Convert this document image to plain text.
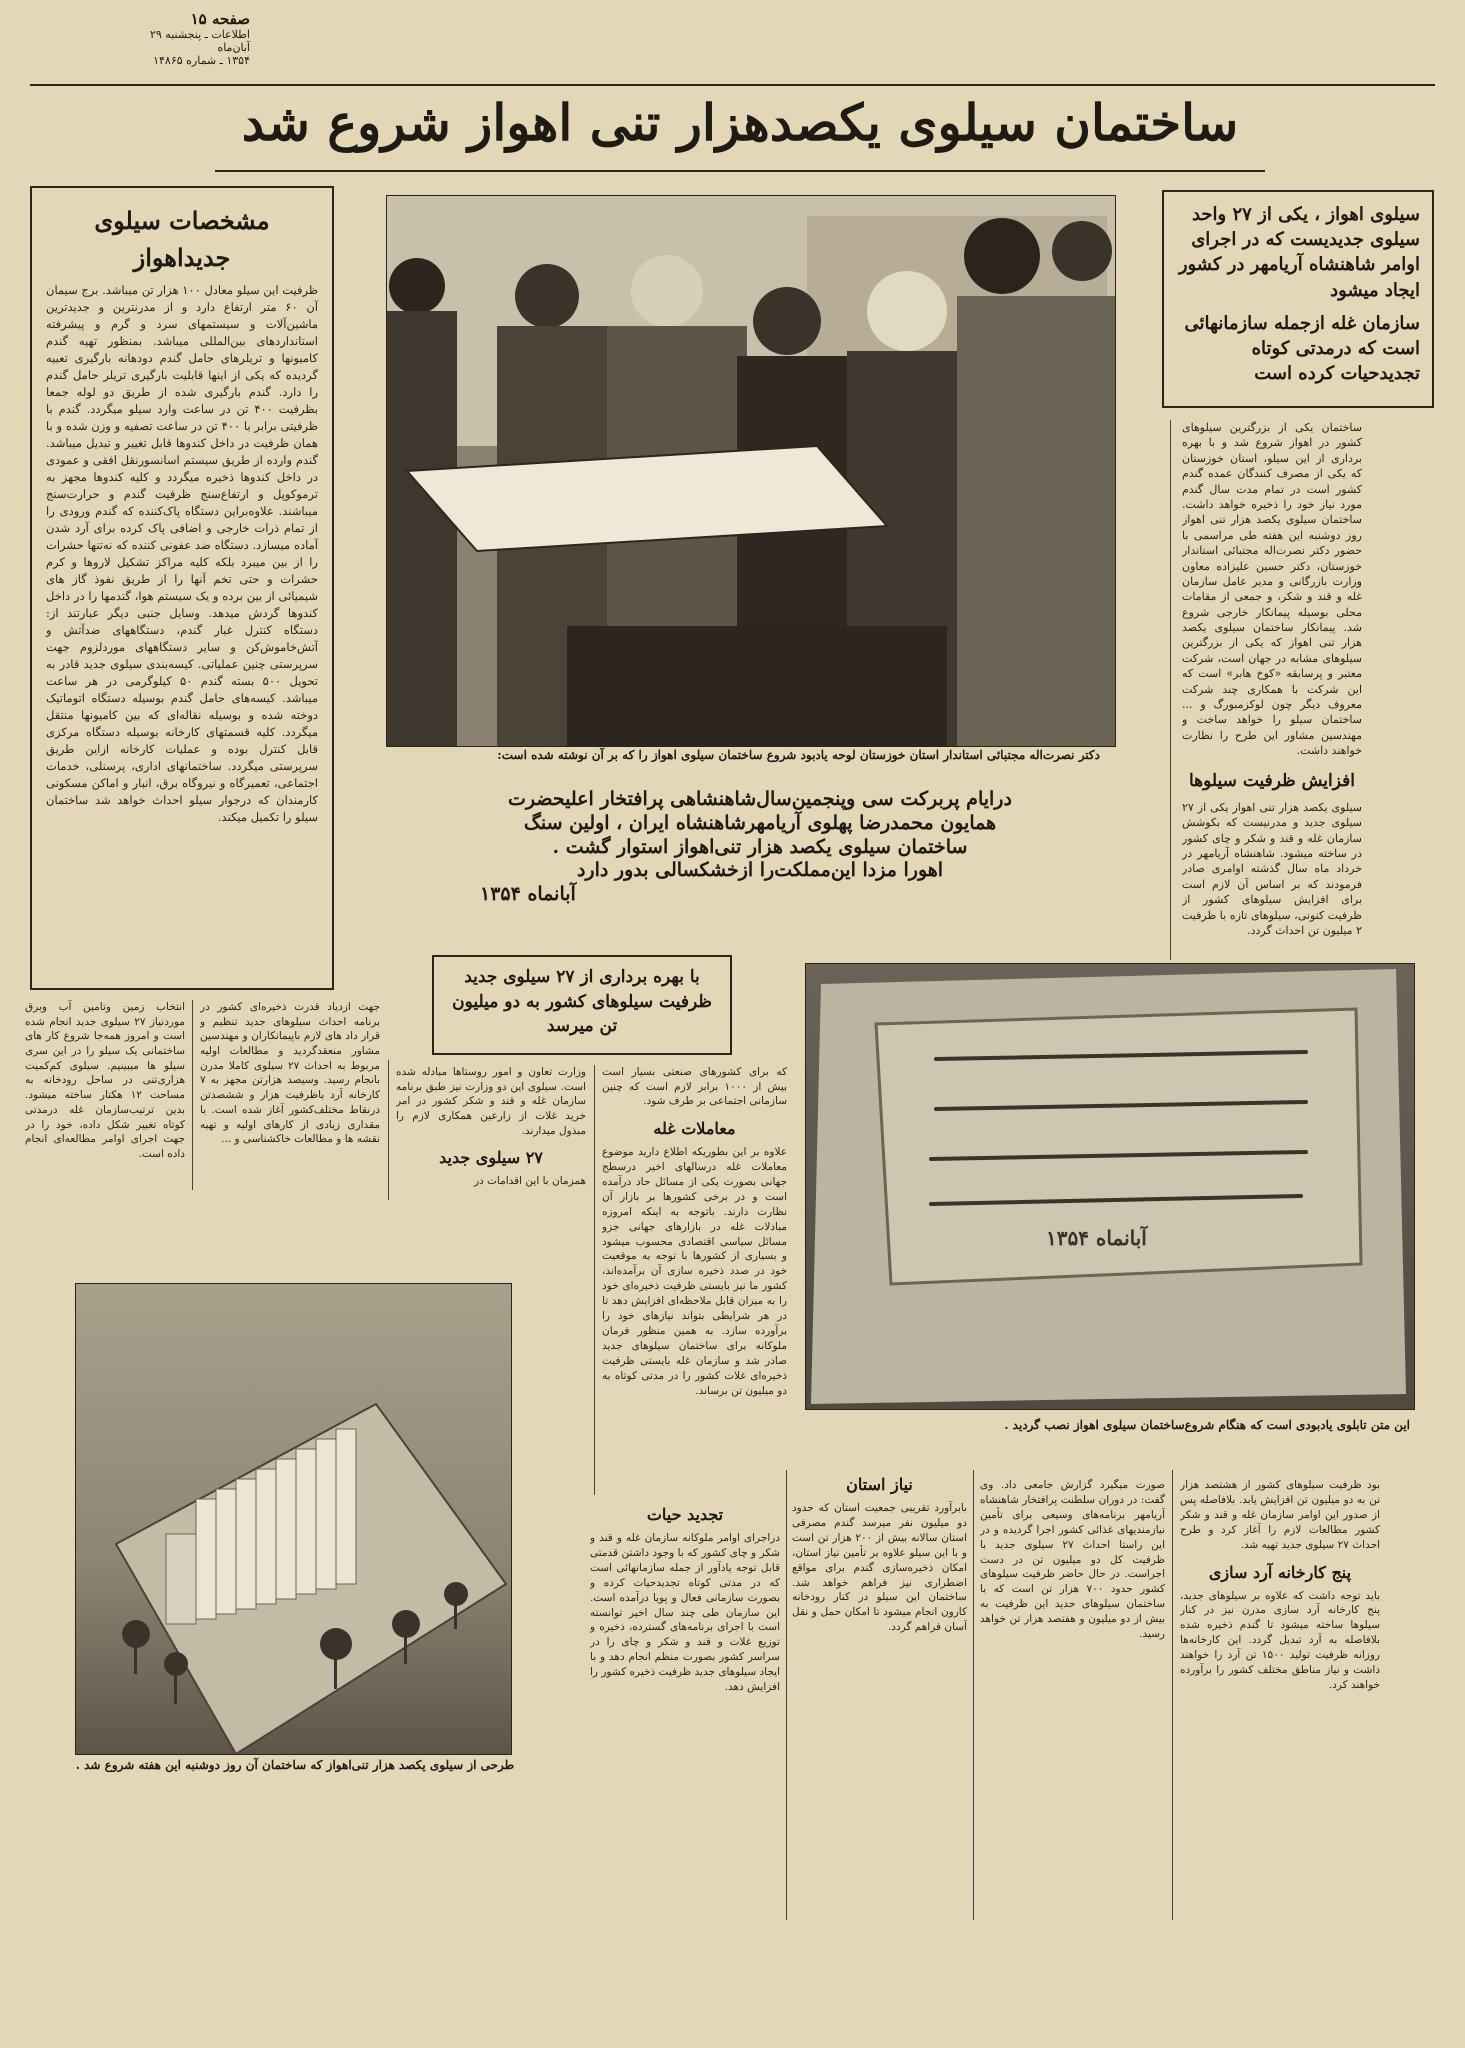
صفحه ۱۵
اطلاعات ـ پنجشنبه ۲۹ آبان‌ماه
۱۳۵۴ ـ شماره ۱۴۸۶۵
ساختمان سیلوی یکصدهزار تنی اهواز شروع شد
مشخصات سیلوی
جدیداهواز
ظرفیت این سیلو معادل ۱۰۰ هزار تن میباشد. برج سیمان آن ۶۰ متر ارتفاع دارد و از مدرنترین و جدیدترین ماشین‌آلات و سیستمهای سرد و گرم و پیشرفته استانداردهای بین‌المللی میباشد. بمنظور تهیه گندم کامیونها و تریلرهای حامل گندم دودهانه بارگیری تعبیه گردیده که یکی از اینها قابلیت بارگیری تریلر حامل گندم را دارد. گندم بارگیری شده از طریق دو لوله جمعا بظرفیت ۴۰۰ تن در ساعت وارد سیلو میگردد. گندم با ظرفیتی برابر با ۴۰۰ تن در ساعت تصفیه و وزن شده و با همان ظرفیت در داخل کندوها قابل تغییر و تبدیل میباشد. گندم وارده از طریق سیستم اسانسورنقل افقی و عمودی در داخل کندوها ذخیره میگردد و کلیه کندوها مجهز به ترموکوپل و ارتفاع‌سنج ظرفیت گندم و حرارت‌سنج میباشند. علاوه‌براین دستگاه پاک‌کننده که گندم ورودی را از تمام ذرات خارجی و اضافی پاک کرده برای آرد شدن آماده میسازد. دستگاه ضد عفونی کننده که نه‌تنها حشرات را از بین میبرد بلکه کلیه مراکز تشکیل لاروها و کرم حشرات و حتی تخم آنها را از طریق نفوذ گاز های شیمیائی از بین برده و یک سیستم هوا، گندمها را در داخل کندوها گردش میدهد. وسایل جنبی دیگر عبارتند از: دستگاه کنترل غبار گندم، دستگاههای ضدآتش و آتش‌خاموش‌کن و سایر دستگاههای موردلزوم جهت سرپرستی چنین عملیاتی. کیسه‌بندی سیلوی جدید قادر به تحویل ۵۰۰ بسته گندم ۵۰ کیلوگرمی در هر ساعت میباشد. کیسه‌های حامل گندم بوسیله دستگاه اتوماتیک دوخته شده و بوسیله نقاله‌ای که بین کامیونها منتقل میگردد. کلیه قسمتهای کارخانه بوسیله دستگاه مرکزی قابل کنترل بوده و عملیات کارخانه ازاین طریق سرپرستی میگردد. ساختمانهای اداری، پرسنلی، خدمات اجتماعی، تعمیرگاه و نیروگاه برق، انبار و اماکن مسکونی کارمندان که درجوار سیلو احداث خواهد شد ساختمان سیلو را تکمیل میکند.
دکتر نصرت‌اله مجتبائی استاندار استان خوزستان لوحه یادبود شروع ساختمان سیلوی اهواز را که بر آن نوشته شده است:
درایام پربرکت سی وپنجمین‌سال‌شاهنشاهی پرافتخار اعلیحضرت
همایون محمدرضا پهلوی آریامهرشاهنشاه ایران ، اولین سنگ
ساختمان سیلوی یکصد هزار تنی‌اهواز استوار گشت .
اهورا مزدا این‌مملکت‌را ازخشکسالی بدور دارد
آبانماه ۱۳۵۴
سیلوی اهواز ، یکی از ۲۷ واحد سیلوی جدیدیست که در اجرای اوامر شاهنشاه آریامهر در کشور ایجاد میشود
سازمان غله ازجمله سازمانهائی است که درمدتی کوتاه تجدیدحیات کرده است
ساختمان یکی از بزرگترین سیلوهای کشور در اهواز شروع شد و با بهره برداری از این سیلو، استان خوزستان که یکی از مصرف کنندگان عمده گندم کشور است در تمام مدت سال گندم مورد نیاز خود را ذخیره خواهد داشت. ساختمان سیلوی یکصد هزار تنی اهواز روز دوشنبه این هفته طی مراسمی با حضور دکتر نصرت‌اله مجتبائی استاندار خوزستان، دکتر حسین علیزاده معاون وزارت بازرگانی و مدیر عامل سازمان غله و قند و شکر، و جمعی از مقامات محلی بوسیله پیمانکار خارجی شروع شد. پیمانکار ساختمان سیلوی یکصد هزار تنی اهواز که یکی از بزرگترین سیلوهای مشابه در جهان است، شرکت معتبر و پرسابقه «کوخ هابر» است که این شرکت با همکاری چند شرکت معروف دیگر چون لوکزمبورگ و ... ساختمان سیلو را خواهد ساخت و مهندسین مشاور این طرح را نظارت خواهند داشت.
افزایش ظرفیت سیلوها
سیلوی یکصد هزار تنی اهواز یکی از ۲۷ سیلوی جدید و مدرنیست که بکوشش سازمان غله و قند و شکر و چای کشور در ساخته میشود. شاهنشاه آریامهر در خرداد ماه سال گذشته اوامری صادر فرمودند که بر اساس آن لازم است برای افزایش سیلوهای کشور از ظرفیت کنونی، سیلوهای تازه با ظرفیت ۲ میلیون تن احداث گردد.
با بهره برداری از ۲۷ سیلوی جدید ظرفیت سیلوهای کشور به دو میلیون تن میرسد
آبانماه ۱۳۵۴
این متن تابلوی یادبودی است که هنگام شروع‌ساختمان سیلوی اهواز نصب گردید .
انتخاب زمین وتامین آب وبرق موردنیاز ۲۷ سیلوی جدید انجام شده است و امروز همه‌جا شروع کار های ساختمانی یک سیلو را در این سری سیلو ها میبینیم. سیلوی کم‌کمیت هزاری‌تنی در ساحل رودخانه به‌ مساحت ۱۲ هکتار ساخته میشود. بدین ترتیب‌سازمان غله درمدتی کوتاه تغییر شکل داده، خود را در جهت اجرای اوامر مطالعه‌ای انجام داده است.
جهت ازدیاد قدرت ذخیره‌ای کشور در برنامه احداث سیلوهای جدید تنظیم و قرار داد های لازم باپیمانکاران و مهندسین مشاور منعقدگردید و مطالعات اولیه مربوط به احداث ۲۷ سیلوی کاملا مدرن بانجام رسید. وسیصد هزارتن مجهز به ۷ کارخانه آرد باظرفیت هزار و ششصدتن درنقاط مختلف‌کشور آغاز شده است. با مقداری زیادی از کارهای اولیه و تهیه نقشه ها و مطالعات خاکشناسی و ...
وزارت تعاون و امور روستاها مبادله شده است. سیلوی این دو وزارت نیز طبق برنامه سازمان غله و قند و شکر کشور در امر خرید غلات از زارعین همکاری لازم را مبذول میدارند.
۲۷ سیلوی جدید
همزمان با این اقدامات در
که برای کشورهای صنعتی بسیار است بیش از ۱۰۰۰ برابر لازم است که چنین سازمانی اجتماعی بر طرف شود.
معاملات غله
علاوه بر این بطوریکه اطلاع دارید موضوع معاملات غله درسالهای اخیر درسطح جهانی بصورت یکی از مسائل حاد درآمده است و در برخی کشورها بر بازار آن نظارت دارند. باتوجه به اینکه امروزه مبادلات غله در بازارهای جهانی جزو مسائل سیاسی اقتصادی محسوب میشود و بسیاری از کشورها با توجه به موقعیت خود در صدد ذخیره سازی آن برآمده‌اند، کشور ما نیز بایستی ظرفیت ذخیره‌ای خود را به میزان قابل ملاحظه‌ای افزایش دهد تا در هر شرایطی بتواند نیازهای خود را برآورده سازد. به همین منظور فرمان ملوکانه برای ساختمان سیلوهای جدید صادر شد و سازمان غله بایستی ظرفیت ذخیره‌ای غلات کشور را در مدتی کوتاه به دو میلیون تن برساند.
طرحی از سیلوی یکصد هزار تنی‌اهواز که ساختمان آن روز دوشنبه این هفته شروع شد .
تجدید حیات
دراجرای اوامر ملوکانه سازمان غله و قند و شکر و چای کشور که با وجود داشتن قدمتی قابل توجه یادآور از جمله سازمانهائی است که در مدتی کوتاه تجدیدحیات کرده و بصورت سازمانی فعال و پویا درآمده است. این سازمان طی چند سال اخیر توانسته است با اجرای برنامه‌های گسترده، ذخیره و توزیع غلات و قند و شکر و چای را در سراسر کشور بصورت منظم انجام دهد و با ایجاد سیلوهای جدید ظرفیت ذخیره کشور را افزایش دهد.
نیاز استان
بابرآورد تقریبی جمعیت استان که حدود دو میلیون نفر میرسد گندم مصرفی استان سالانه بیش از ۲۰۰ هزار تن است و با این سیلو علاوه بر تأمین نیاز استان، امکان ذخیره‌سازی گندم برای مواقع اضطراری نیز فراهم خواهد شد. ساختمان این سیلو در کنار رودخانه کارون انجام میشود تا امکان حمل و نقل آسان فراهم گردد.
صورت میگیرد گزارش جامعی داد. وی گفت: در دوران سلطنت پرافتخار شاهنشاه آریامهر برنامه‌های وسیعی برای تأمین نیازمندیهای غذائی کشور اجرا گردیده و در این راستا احداث ۲۷ سیلوی جدید با ظرفیت کل دو میلیون تن در دست اجراست. در حال حاضر ظرفیت سیلوهای کشور حدود ۷۰۰ هزار تن است که با ساختمان سیلوهای جدید این ظرفیت به بیش از دو میلیون و هفتصد هزار تن خواهد رسید.
بود ظرفیت سیلوهای کشور از هشتصد هزار تن به دو میلیون تن افزایش یابد. بلافاصله پس از صدور این اوامر سازمان غله و قند و شکر کشور مطالعات لازم را آغاز کرد و طرح احداث ۲۷ سیلوی جدید تهیه شد.
پنج کارخانه آرد سازی
باید توجه داشت که علاوه بر سیلوهای جدید، پنج کارخانه آرد سازی مدرن نیز در کنار سیلوها ساخته میشود تا گندم ذخیره شده بلافاصله به آرد تبدیل گردد. این کارخانه‌ها روزانه ظرفیت تولید ۱۵۰۰ تن آرد را خواهند داشت و نیاز مناطق مختلف کشور را برآورده خواهند کرد.
